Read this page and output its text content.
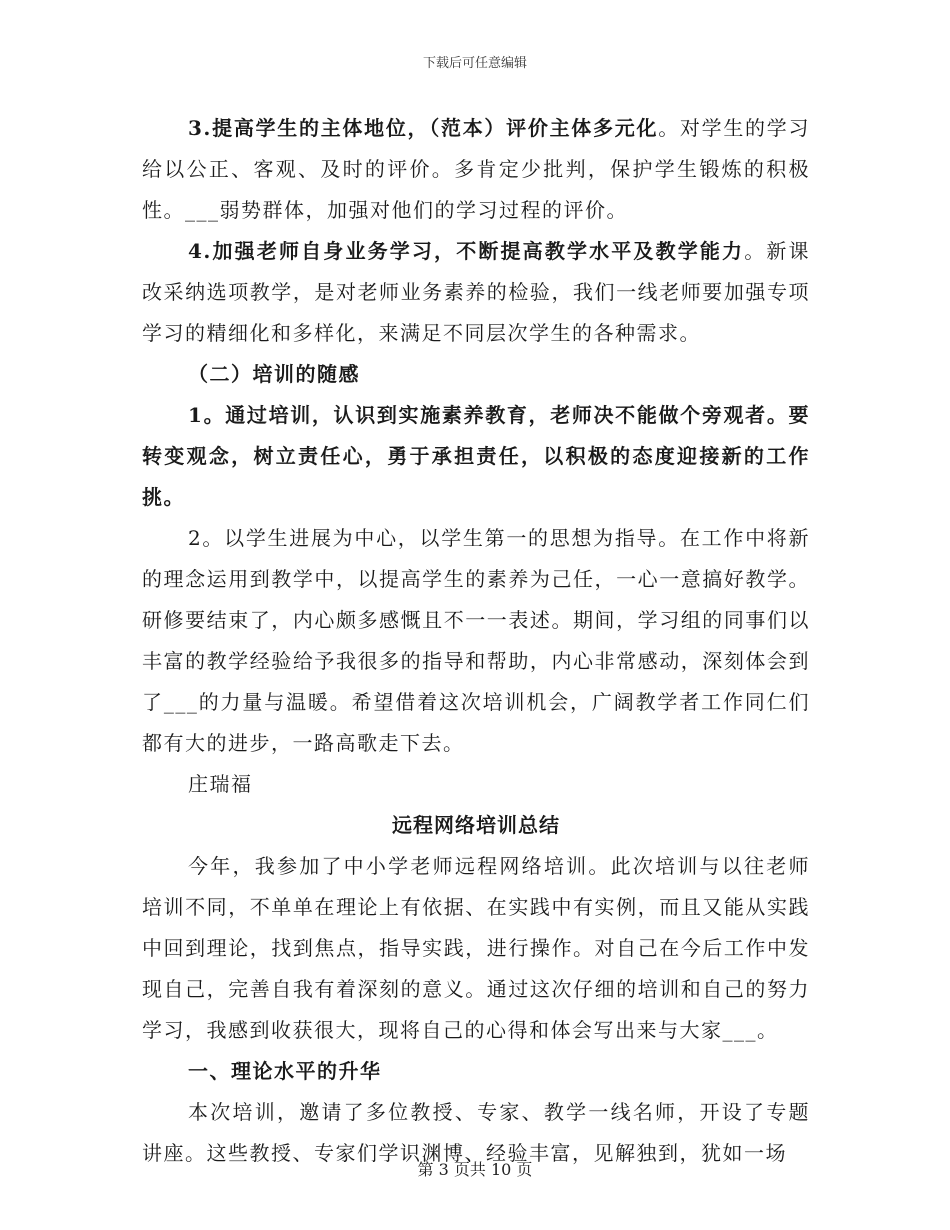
下载后可任意编辑

3.提高学生的主体地位，（范本）评价主体多元化。对学生的学习给以公正、客观、及时的评价。多肯定少批判，保护学生锻炼的积极性。___弱势群体，加强对他们的学习过程的评价。

4.加强老师自身业务学习，不断提高教学水平及教学能力。新课改采纳选项教学，是对老师业务素养的检验，我们一线老师要加强专项学习的精细化和多样化，来满足不同层次学生的各种需求。

（二）培训的随感

1。通过培训，认识到实施素养教育，老师决不能做个旁观者。要转变观念，树立责任心，勇于承担责任，以积极的态度迎接新的工作挑。

2。以学生进展为中心，以学生第一的思想为指导。在工作中将新的理念运用到教学中，以提高学生的素养为己任，一心一意搞好教学。研修要结束了，内心颇多感慨且不一一表述。期间，学习组的同事们以丰富的教学经验给予我很多的指导和帮助，内心非常感动，深刻体会到了___的力量与温暖。希望借着这次培训机会，广阔教学者工作同仁们都有大的进步，一路高歌走下去。

庄瑞福

远程网络培训总结

今年，我参加了中小学老师远程网络培训。此次培训与以往老师培训不同，不单单在理论上有依据、在实践中有实例，而且又能从实践中回到理论，找到焦点，指导实践，进行操作。对自己在今后工作中发现自己，完善自我有着深刻的意义。通过这次仔细的培训和自己的努力学习，我感到收获很大，现将自己的心得和体会写出来与大家___。

一、理论水平的升华

本次培训，邀请了多位教授、专家、教学一线名师，开设了专题讲座。这些教授、专家们学识渊博、经验丰富，见解独到，犹如一场

第 3 页共 10 页
